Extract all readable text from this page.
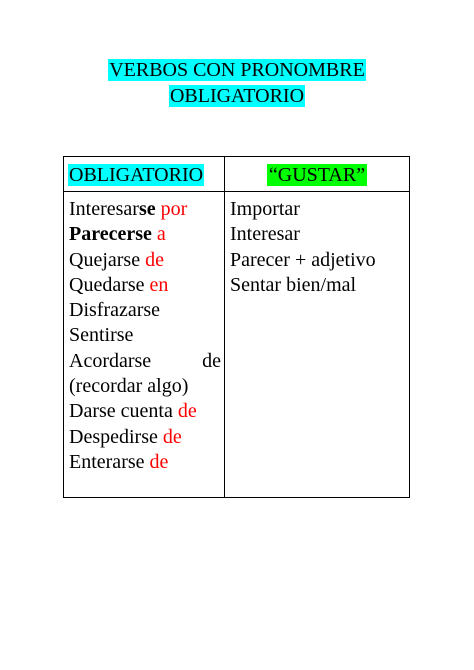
VERBOS CON PRONOMBRE
OBLIGATORIO
OBLIGATORIO	“GUSTAR”
Interesarse por
Parecerse a
Quejarse de
Quedarse en
Disfrazarse
Sentirse
Acordarse	de
(recordar algo)
Darse cuenta de
Despedirse de
Enterarse de
Importar
Interesar
Parecer + adjetivo
Sentar bien/mal
